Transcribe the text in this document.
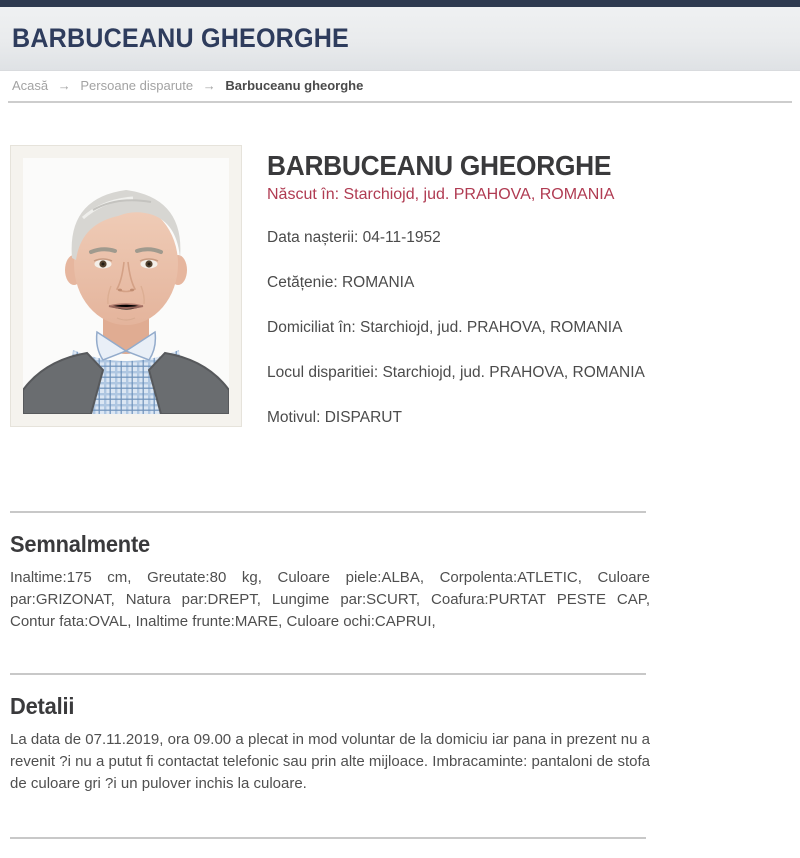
BARBUCEANU GHEORGHE
Acasă → Persoane disparute → Barbuceanu gheorghe
BARBUCEANU GHEORGHE

Născut în: Starchiojd, jud. PRAHOVA, ROMANIA

Data nașterii: 04-11-1952

Cetățenie: ROMANIA

Domiciliat în: Starchiojd, jud. PRAHOVA, ROMANIA

Locul disparitiei: Starchiojd, jud. PRAHOVA, ROMANIA

Motivul: DISPARUT

Semnalmente

Inaltime:175 cm, Greutate:80 kg, Culoare piele:ALBA, Corpolenta:ATLETIC, Culoare par:GRIZONAT, Natura par:DREPT, Lungime par:SCURT, Coafura:PURTAT PESTE CAP, Contur fata:OVAL, Inaltime frunte:MARE, Culoare ochi:CAPRUI,

Detalii

La data de 07.11.2019, ora 09.00 a plecat in mod voluntar de la domiciu iar pana in prezent nu a revenit ?i nu a putut fi contactat telefonic sau prin alte mijloace. Imbracaminte: pantaloni de stofa de culoare gri ?i un pulover inchis la culoare.
